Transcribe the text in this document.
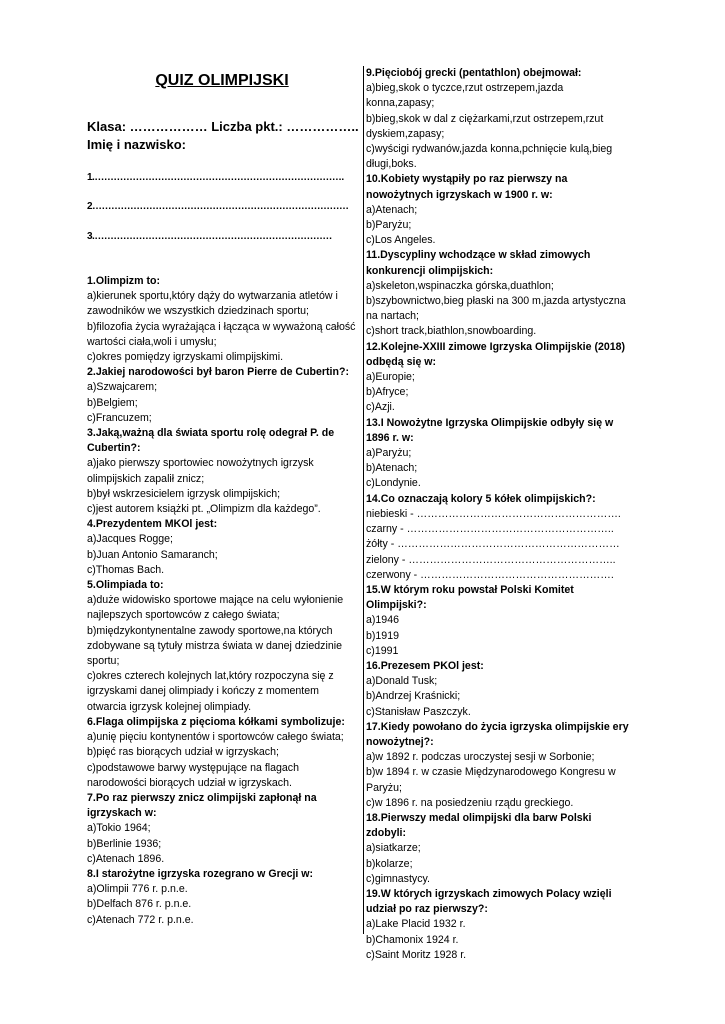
QUIZ OLIMPIJSKI
Klasa: ……………… Liczba pkt.: ……………..
Imię i nazwisko:
1.…………………………………………………………………….
2………………………………………………………………………
3.…………………………………………………………………
1.Olimpizm to:
a)kierunek sportu,który dąży do wytwarzania atletów i zawodników we wszystkich dziedzinach sportu;
b)filozofia życia wyrażająca i łącząca w wyważoną całość wartości ciała,woli i umysłu;
c)okres pomiędzy igrzyskami olimpijskimi.
2.Jakiej narodowości był baron Pierre de Cubertin?:
a)Szwajcarem;
b)Belgiem;
c)Francuzem;
3.Jaką,ważną dla świata sportu rolę odegrał P. de Cubertin?:
a)jako pierwszy sportowiec nowożytnych igrzysk olimpijskich zapalił znicz;
b)był wskrzesicielem igrzysk olimpijskich;
c)jest autorem książki pt. „Olimpizm dla każdego”.
4.Prezydentem MKOl jest:
a)Jacques Rogge;
b)Juan Antonio Samaranch;
c)Thomas Bach.
5.Olimpiada to:
a)duże widowisko sportowe mające na celu wyłonienie najlepszych sportowców z całego świata;
b)międzykontynentalne zawody sportowe,na których zdobywane są tytuły mistrza świata w danej dziedzinie sportu;
c)okres czterech kolejnych lat,który rozpoczyna się z igrzyskami danej olimpiady i kończy z momentem otwarcia igrzysk kolejnej olimpiady.
6.Flaga olimpijska z pięcioma kółkami symbolizuje:
a)unię pięciu kontynentów i sportowców całego świata;
b)pięć ras biorących udział w igrzyskach;
c)podstawowe barwy występujące na flagach narodowości biorących udział w igrzyskach.
7.Po raz pierwszy znicz olimpijski zapłonął na igrzyskach w:
a)Tokio 1964;
b)Berlinie 1936;
c)Atenach 1896.
8.I starożytne igrzyska rozegrano w Grecji w:
a)Olimpii 776 r. p.n.e.
b)Delfach 876 r. p.n.e.
c)Atenach 772 r. p.n.e.
9.Pięciobój grecki (pentathlon) obejmował:
a)bieg,skok o tyczce,rzut ostrzepem,jazda konna,zapasy;
b)bieg,skok w dal z ciężarkami,rzut ostrzepem,rzut dyskiem,zapasy;
c)wyścigi rydwanów,jazda konna,pchnięcie kulą,bieg długi,boks.
10.Kobiety wystąpiły po raz pierwszy na nowożytnych igrzyskach w 1900 r. w:
a)Atenach;
b)Paryżu;
c)Los Angeles.
11.Dyscypliny wchodzące w skład zimowych konkurencji olimpijskich:
a)skeleton,wspinaczka górska,duathlon;
b)szybownictwo,bieg płaski na 300 m,jazda artystyczna na nartach;
c)short track,biathlon,snowboarding.
12.Kolejne-XXIII zimowe Igrzyska Olimpijskie (2018) odbędą się w:
a)Europie;
b)Afryce;
c)Azji.
13.I Nowożytne Igrzyska Olimpijskie odbyły się w 1896 r. w:
a)Paryżu;
b)Atenach;
c)Londynie.
14.Co oznaczają kolory 5 kółek olimpijskich?:
niebieski - ………………………………………………….
czarny - …………………………………………………..
żółty - ………………………………………………………
zielony - …………………………………………………..
czerwony - ……………………………………………….
15.W którym roku powstał Polski Komitet Olimpijski?:
a)1946
b)1919
c)1991
16.Prezesem PKOl jest:
a)Donald Tusk;
b)Andrzej Kraśnicki;
c)Stanisław Paszczyk.
17.Kiedy powołano do życia igrzyska olimpijskie ery nowożytnej?:
a)w 1892 r. podczas uroczystej sesji w Sorbonie;
b)w 1894 r. w czasie Międzynarodowego Kongresu w Paryżu;
c)w 1896 r. na posiedzeniu rządu greckiego.
18.Pierwszy medal olimpijski dla barw Polski zdobyli:
a)siatkarze;
b)kolarze;
c)gimnastycy.
19.W których igrzyskach zimowych Polacy wzięli udział po raz pierwszy?:
a)Lake Placid 1932 r.
b)Chamonix 1924 r.
c)Saint Moritz 1928 r.
